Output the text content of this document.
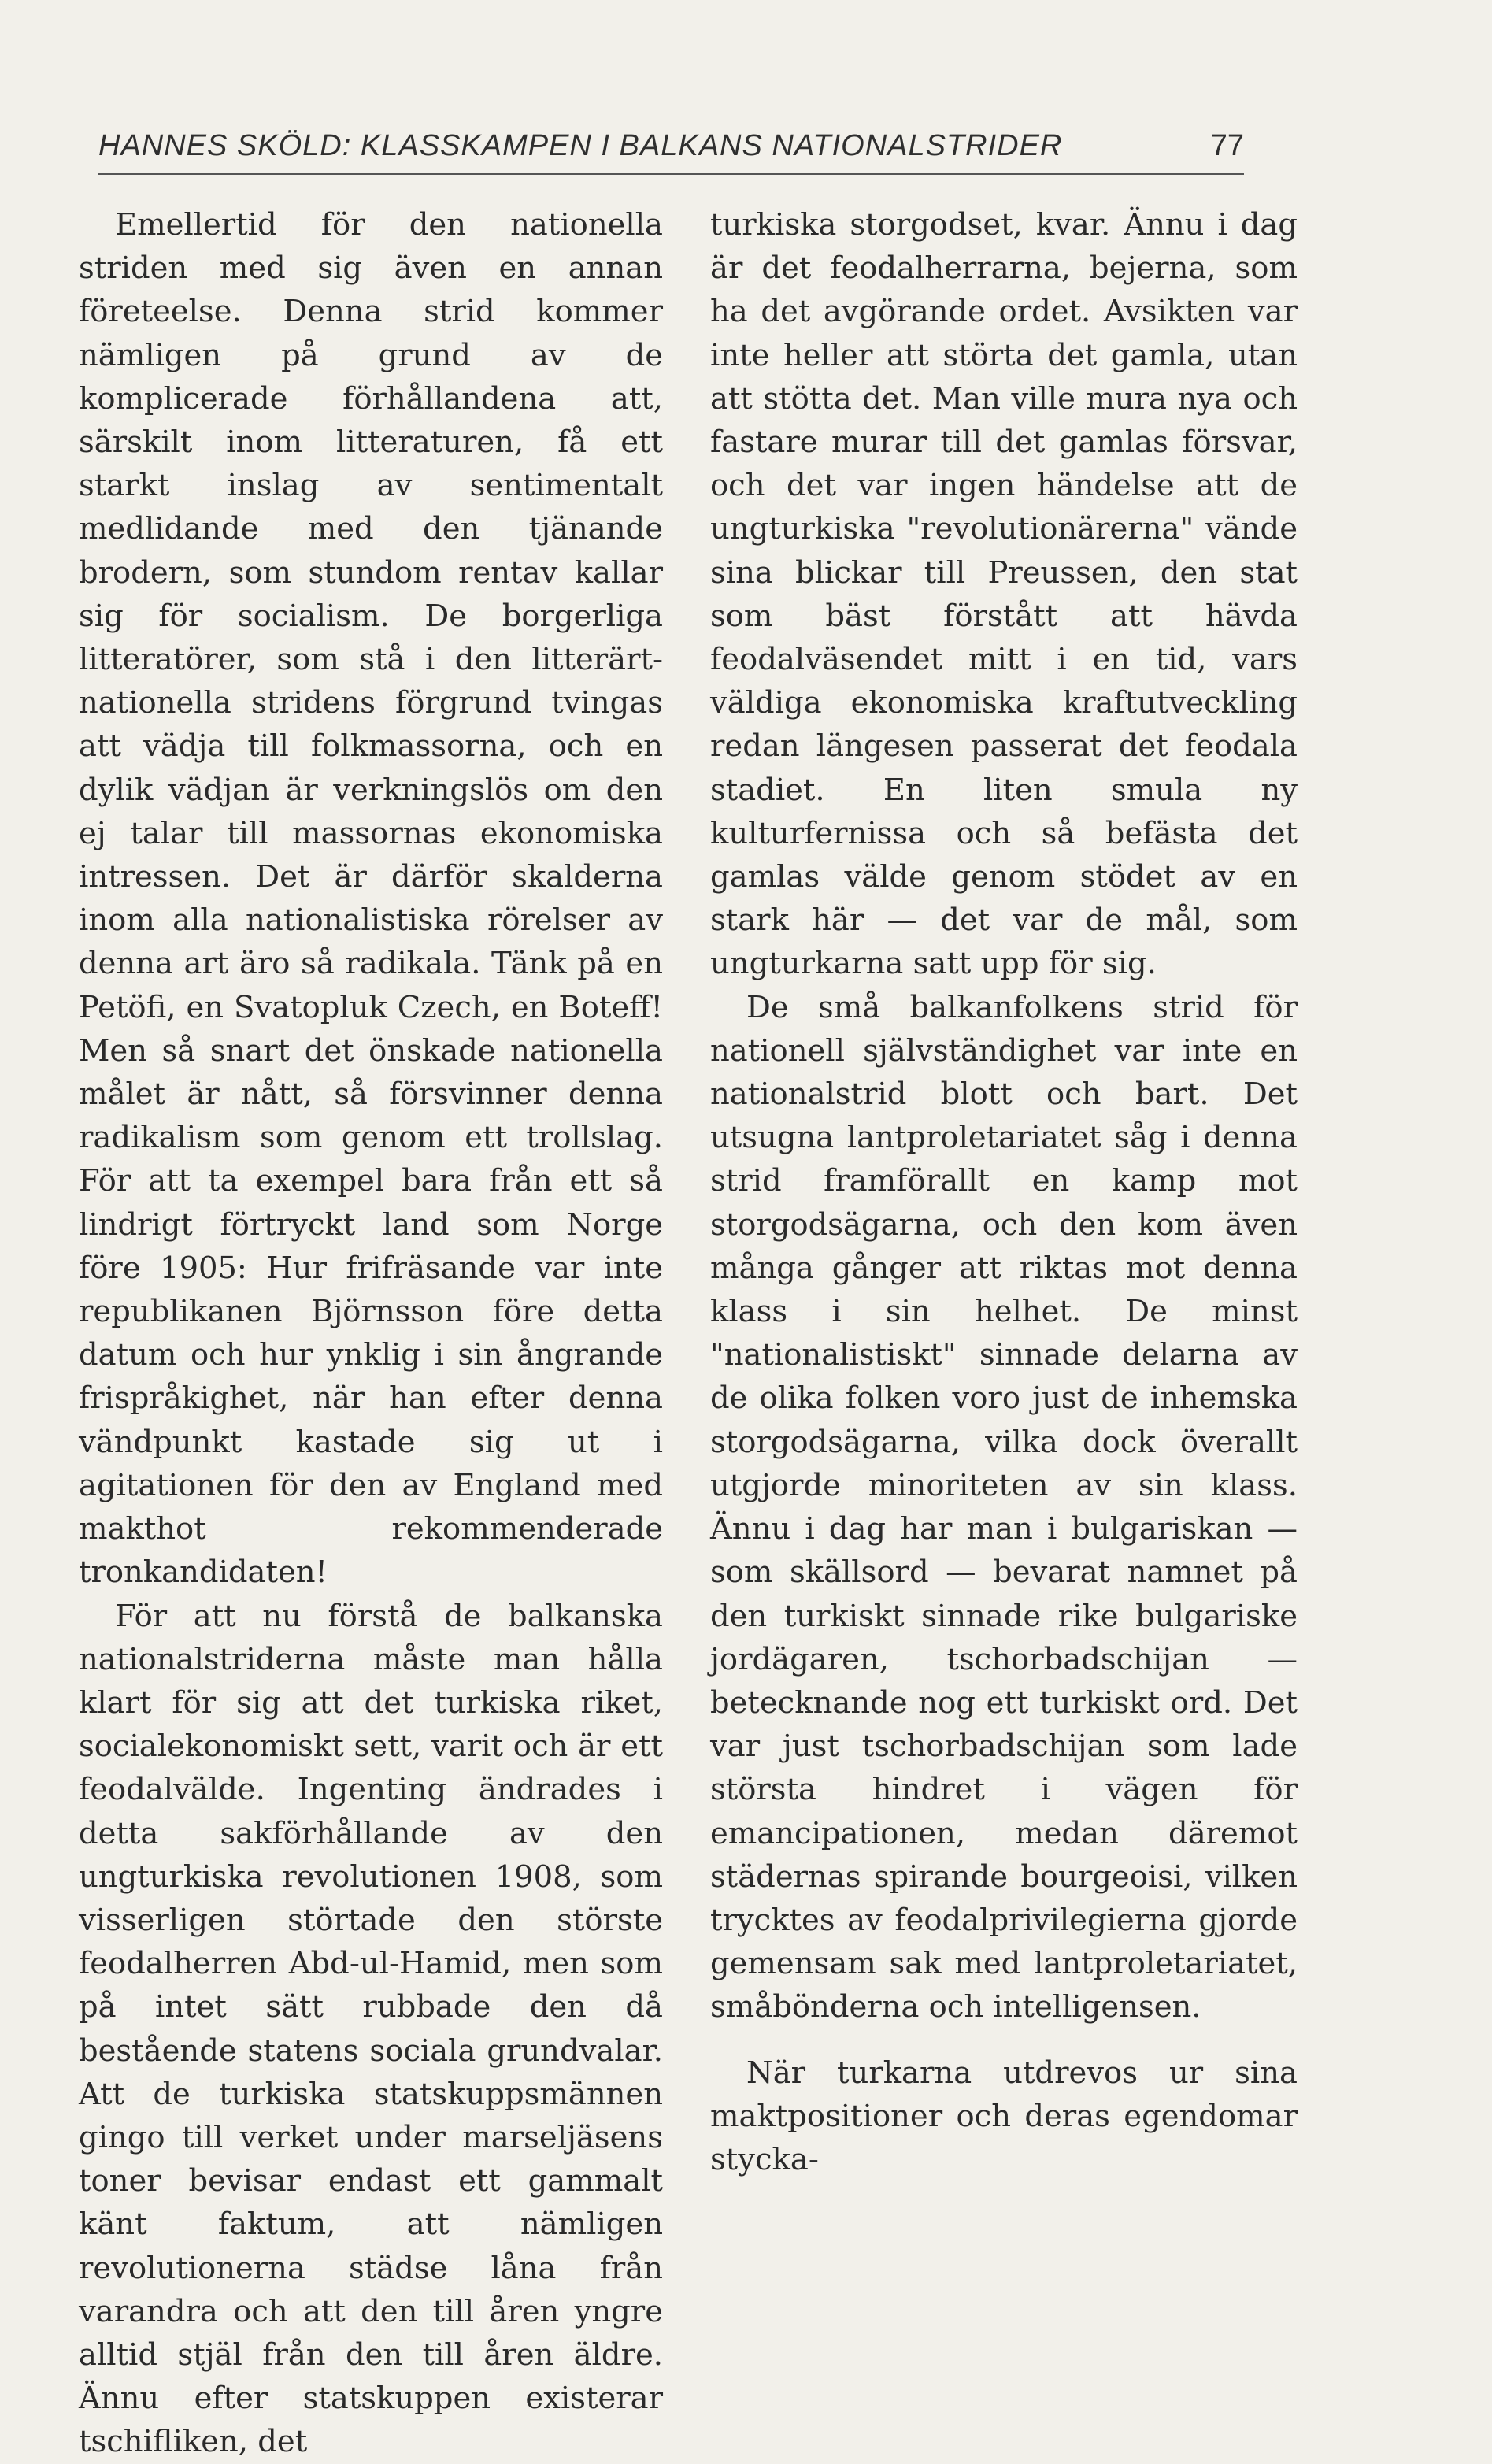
HANNES SKÖLD: KLASSKAMPEN I BALKANS NATIONALSTRIDER	77

Emellertid för den nationella striden med sig även en annan företeelse. Denna strid kommer nämligen på grund av de komplicerade förhållandena att, särskilt inom litteraturen, få ett starkt inslag av sentimentalt medlidande med den tjänande brodern, som stundom rentav kallar sig för socialism. De borgerliga litteratörer, som stå i den litterärt-nationella stridens förgrund tvingas att vädja till folkmassorna, och en dylik vädjan är verkningslös om den ej talar till massornas ekonomiska intressen. Det är därför skalderna inom alla nationalistiska rörelser av denna art äro så radikala. Tänk på en Petöfi, en Svatopluk Czech, en Boteff! Men så snart det önskade nationella målet är nått, så försvinner denna radikalism som genom ett trollslag. För att ta exempel bara från ett så lindrigt förtryckt land som Norge före 1905: Hur frifräsande var inte republikanen Björnsson före detta datum och hur ynklig i sin ångrande frispråkighet, när han efter denna vändpunkt kastade sig ut i agitationen för den av England med makthot rekommenderade tronkandidaten!

För att nu förstå de balkanska nationalstriderna måste man hålla klart för sig att det turkiska riket, socialekonomiskt sett, varit och är ett feodalvälde. Ingenting ändrades i detta sakförhållande av den ungturkiska revolutionen 1908, som visserligen störtade den störste feodalherren Abd-ul-Hamid, men som på intet sätt rubbade den då bestående statens sociala grundvalar. Att de turkiska statskuppsmännen gingo till verket under marseljäsens toner bevisar endast ett gammalt känt faktum, att nämligen revolutionerna städse låna från varandra och att den till åren yngre alltid stjäl från den till åren äldre. Ännu efter statskuppen existerar tschifliken, det

turkiska storgodset, kvar. Ännu i dag är det feodalherrarna, bejerna, som ha det avgörande ordet. Avsikten var inte heller att störta det gamla, utan att stötta det. Man ville mura nya och fastare murar till det gamlas försvar, och det var ingen händelse att de ungturkiska "revolutionärerna" vände sina blickar till Preussen, den stat som bäst förstått att hävda feodalväsendet mitt i en tid, vars väldiga ekonomiska kraftutveckling redan längesen passerat det feodala stadiet. En liten smula ny kulturfernissa och så befästa det gamlas välde genom stödet av en stark här — det var de mål, som ungturkarna satt upp för sig.

De små balkanfolkens strid för nationell självständighet var inte en nationalstrid blott och bart. Det utsugna lantproletariatet såg i denna strid framförallt en kamp mot storgodsägarna, och den kom även många gånger att riktas mot denna klass i sin helhet. De minst "nationalistiskt" sinnade delarna av de olika folken voro just de inhemska storgodsägarna, vilka dock överallt utgjorde minoriteten av sin klass. Ännu i dag har man i bulgariskan — som skällsord — bevarat namnet på den turkiskt sinnade rike bulgariske jordägaren, tschorbadschijan — betecknande nog ett turkiskt ord. Det var just tschorbadschijan som lade största hindret i vägen för emancipationen, medan däremot städernas spirande bourgeoisi, vilken trycktes av feodalprivilegierna gjorde gemensam sak med lantproletariatet, småbönderna och intelligensen.

När turkarna utdrevos ur sina maktpositioner och deras egendomar stycka-
